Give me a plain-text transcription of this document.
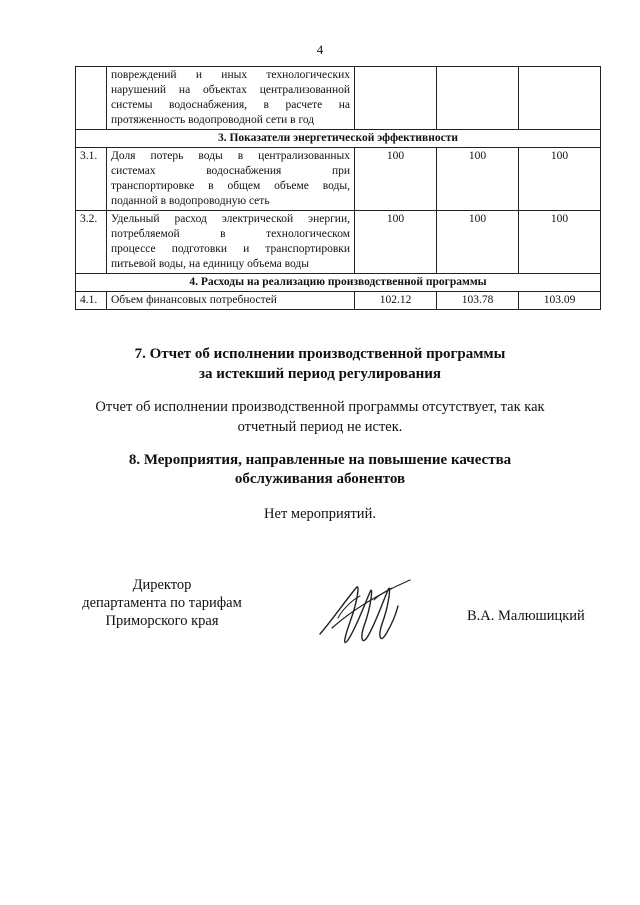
4

	повреждений и иных технологических
нарушений на объектах централизованной
системы водоснабжения, в расчете на
протяженность водопроводной сети в год			

3. Показатели энергетической эффективности				
3.1.	Доля потерь воды в централизованных
системах водоснабжения при
транспортировке в общем объеме воды,
поданной в водопроводную сеть	100	100	100
3.2.	Удельный расход электрической энергии,
потребляемой в технологическом
процессе подготовки и транспортировки
питьевой воды, на единицу объема воды	100	100	100
4. Расходы на реализацию производственной программы				
4.1.	Объем финансовых потребностей	102.12	103.78	103.09
7. Отчет об исполнении производственной программы
за истекший период регулирования
Отчет об исполнении производственной программы отсутствует, так как
отчетный период не истек.
8. Мероприятия, направленные на повышение качества
обслуживания абонентов
Нет мероприятий.
Директор
департамента по тарифам
Приморского края	В.А. Малюшицкий
